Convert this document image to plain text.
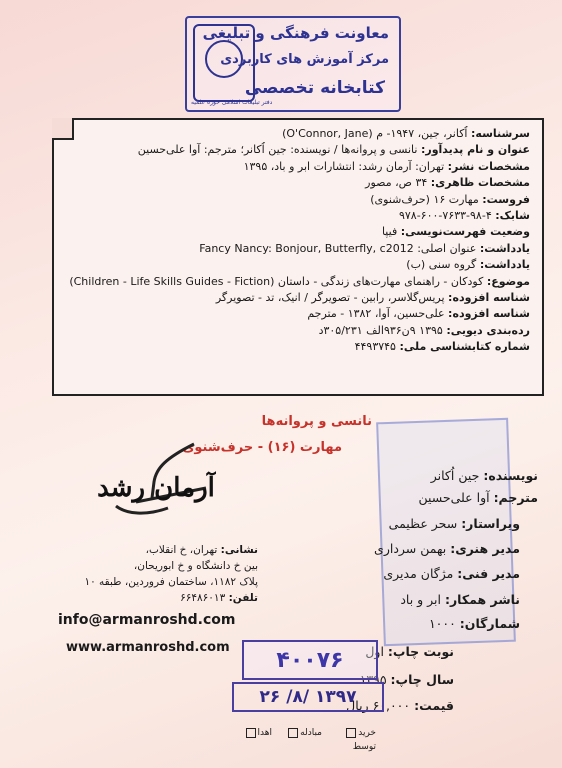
معاونت فرهنگی و تبلیغی
مرکز آموزش های کاربردی
کتابخانه تخصصی
دفتر تبلیغات اسلامی حوزه علمیه
سرشناسه: اُکانر، جین، ۱۹۴۷- م (O'Connor, Jane)
عنوان و نام پدیدآور: نانسی و پروانه‌ها / نویسنده: جین اُکانر؛ مترجم: آوا علی‌حسین
مشخصات نشر: تهران: آرمان رشد: انتشارات ابر و باد، ۱۳۹۵
مشخصات ظاهری: ۳۴ ص، مصور
فروست: مهارت ۱۶ (حرف‌شنوی)
شابک: ۴-۹۸-۷۶۳۳-۶۰۰-۹۷۸
وضعیت فهرست‌نویسی: فیپا
یادداشت: عنوان اصلی: Fancy Nancy: Bonjour, Butterfly, c2012
یادداشت: گروه سنی (ب)
موضوع: کودکان - راهنمای مهارت‌های زندگی - داستان (Children - Life Skills Guides - Fiction)
شناسه افزوده: پریس‌گلاسر، رابین - تصویرگر / انیک، تد - تصویرگر
شناسه افزوده: علی‌حسین، آوا، ۱۳۸۲ - مترجم
رده‌بندی دیویی: ۱۳۹۵ ۹ن۹۳۶الف ۳۰۵/۲۳۱د
شماره کتابشناسی ملی: ۴۴۹۳۷۴۵
نانسی و پروانه‌ها
مهارت (۱۶) - حرف‌شنوی
نویسنده: جین اُکانر
مترجم: آوا علی‌حسین
ویراستار: سحر عظیمی
مدیر هنری: بهمن سرداری
مدیر فنی: مژگان مدیری
ناشر همکار: ابر و باد
شمارگان: ۱۰۰۰
نوبت چاپ: اول
سال چاپ: ۱۳۹۵
قیمت: ۶۰,۰۰۰ ریال
آرمان رشد
نشانی: تهران، خ انقلاب،
بین خ دانشگاه و خ ابوریحان،
پلاک ۱۱۸۲، ساختمان فروردین، طبقه ۱۰
تلفن: ۶۶۴۸۶۰۱۳
info@armanroshd.com
www.armanroshd.com	۴۰۰۷۶
۱۳۹۷ /۸/ ۲۶
خرید
مبادله
اهدا
توسط
